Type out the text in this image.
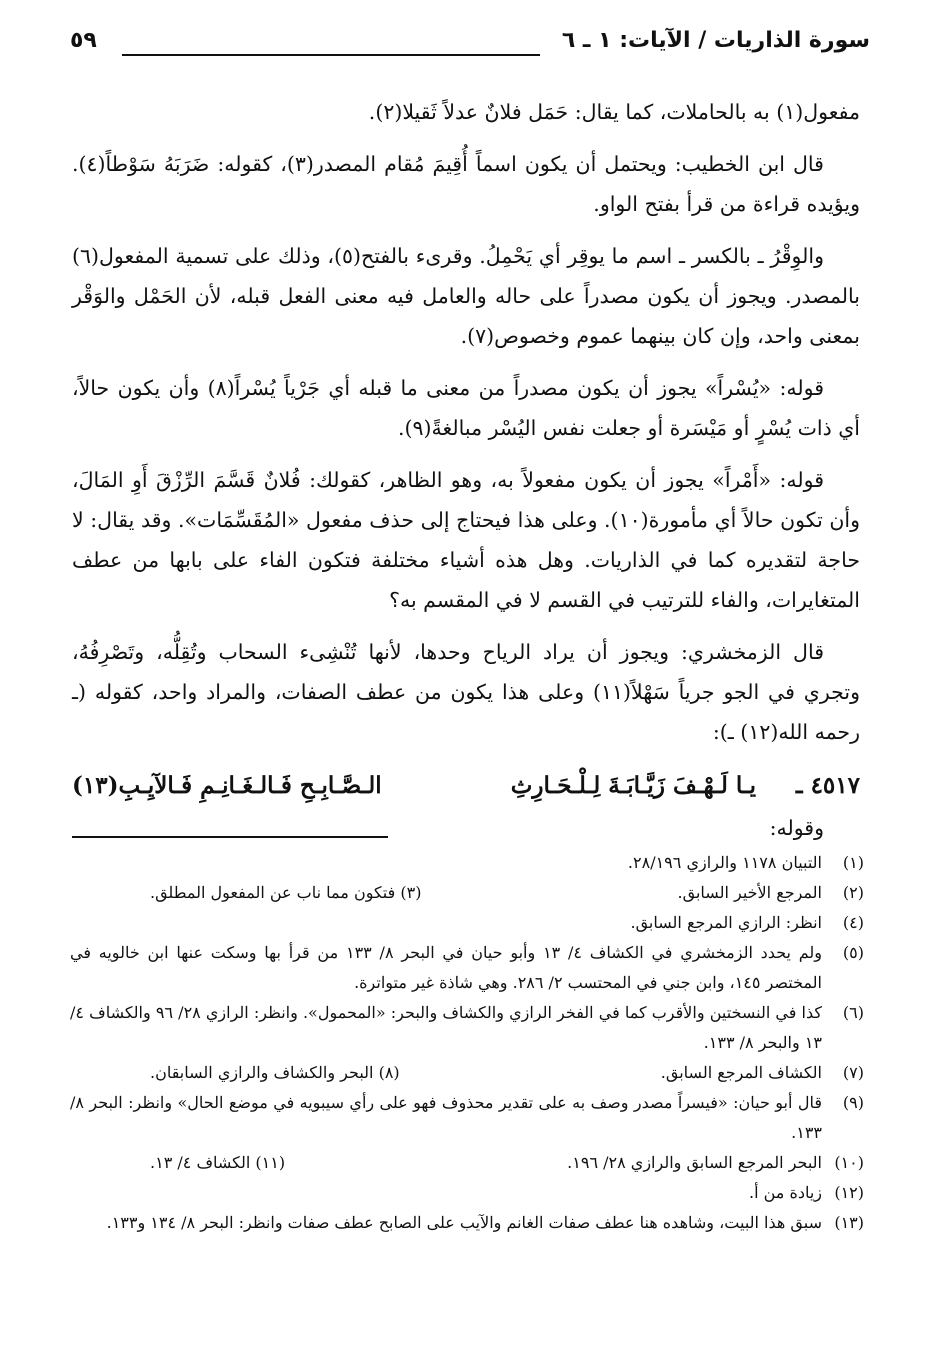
سورة الذاريات / الآيات: ١ ـ ٦
٥٩

مفعول(١) به بالحاملات، كما يقال: حَمَل فلانٌ عدلاً ثَقيلا(٢).

قال ابن الخطيب: ويحتمل أن يكون اسماً أُقِيمَ مُقام المصدر(٣)، كقوله: ضَرَبَهُ سَوْطاً(٤). ويؤيده قراءة من قرأ بفتح الواو.

والوِقْرُ ـ بالكسر ـ اسم ما يوقِر أي يَحْمِلُ. وقرىء بالفتح(٥)، وذلك على تسمية المفعول(٦) بالمصدر. ويجوز أن يكون مصدراً على حاله والعامل فيه معنى الفعل قبله، لأن الحَمْل والوَقْر بمعنى واحد، وإن كان بينهما عموم وخصوص(٧).

قوله: «يُسْراً» يجوز أن يكون مصدراً من معنى ما قبله أي جَرْياً يُسْراً(٨) وأن يكون حالاً، أي ذات يُسْرٍ أو مَيْسَرة أو جعلت نفس اليُسْر مبالغةً(٩).

قوله: «أَمْراً» يجوز أن يكون مفعولاً به، وهو الظاهر، كقولك: فُلانٌ قَسَّمَ الرِّزْقَ أَوِ المَالَ، وأن تكون حالاً أي مأمورة(١٠). وعلى هذا فيحتاج إلى حذف مفعول «المُقَسِّمَات». وقد يقال: لا حاجة لتقديره كما في الذاريات. وهل هذه أشياء مختلفة فتكون الفاء على بابها من عطف المتغايرات، والفاء للترتيب في القسم لا في المقسم به؟

قال الزمخشري: ويجوز أن يراد الرياح وحدها، لأنها تُنْشِىء السحاب وتُقِلُّه، وتَصْرِفُهُ، وتجري في الجو جرياً سَهْلاً(١١) وعلى هذا يكون من عطف الصفات، والمراد واحد، كقوله (ـ رحمه الله(١٢) ـ):

٤٥١٧ ـ
يـا لَـهْـفَ زَيَّـابَـةَ لِـلْـحَـارِثِ
الـصَّـابِـحِ فَـالـغَـانِـمِ فَـالآيِـبِ(١٣)

وقوله:

(١)
التبيان ١١٧٨ والرازي ٢٨/١٩٦.
(٢)
المرجع الأخير السابق.
(٣) فتكون مما ناب عن المفعول المطلق.
(٤)
انظر: الرازي المرجع السابق.
(٥)
ولم يحدد الزمخشري في الكشاف ٤/ ١٣ وأبو حيان في البحر ٨/ ١٣٣ من قرأ بها وسكت عنها ابن خالويه في المختصر ١٤٥، وابن جني في المحتسب ٢/ ٢٨٦. وهي شاذة غير متواترة.
(٦)
كذا في النسختين والأقرب كما في الفخر الرازي والكشاف والبحر: «المحمول». وانظر: الرازي ٢٨/ ٩٦ والكشاف ٤/ ١٣ والبحر ٨/ ١٣٣.
(٧)
الكشاف المرجع السابق.
(٨) البحر والكشاف والرازي السابقان.
(٩)
قال أبو حيان: «فيسراً مصدر وصف به على تقدير محذوف فهو على رأي سيبويه في موضع الحال» وانظر: البحر ٨/ ١٣٣.
(١٠)
البحر المرجع السابق والرازي ٢٨/ ١٩٦.
(١١) الكشاف ٤/ ١٣.
(١٢)
زيادة من أ.
(١٣)
سبق هذا البيت، وشاهده هنا عطف صفات الغانم والآيب على الصابح عطف صفات وانظر: البحر ٨/ ١٣٤ و١٣٣.
